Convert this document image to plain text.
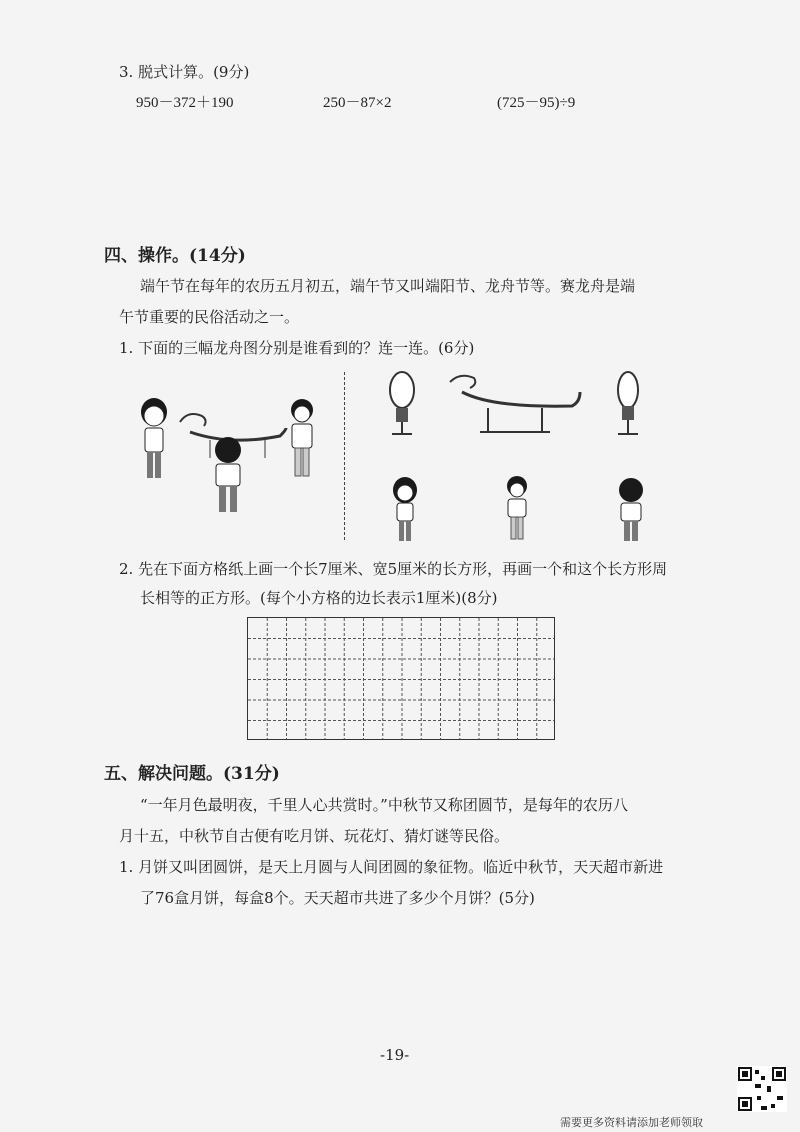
3. 脱式计算。(9分)
950－372＋190	250－87×2	(725－95)÷9
四、操作。(14分)
端午节在每年的农历五月初五，端午节又叫端阳节、龙舟节等。赛龙舟是端
午节重要的民俗活动之一。
1. 下面的三幅龙舟图分别是谁看到的？连一连。(6分)
2. 先在下面方格纸上画一个长7厘米、宽5厘米的长方形，再画一个和这个长方形周
长相等的正方形。(每个小方格的边长表示1厘米)(8分)
五、解决问题。(31分)
“一年月色最明夜，千里人心共赏时。”中秋节又称团圆节，是每年的农历八
月十五，中秋节自古便有吃月饼、玩花灯、猜灯谜等民俗。
1. 月饼又叫团圆饼，是天上月圆与人间团圆的象征物。临近中秋节，天天超市新进
了76盒月饼，每盒8个。天天超市共进了多少个月饼？(5分)
-19-
需要更多资料请添加老师领取
